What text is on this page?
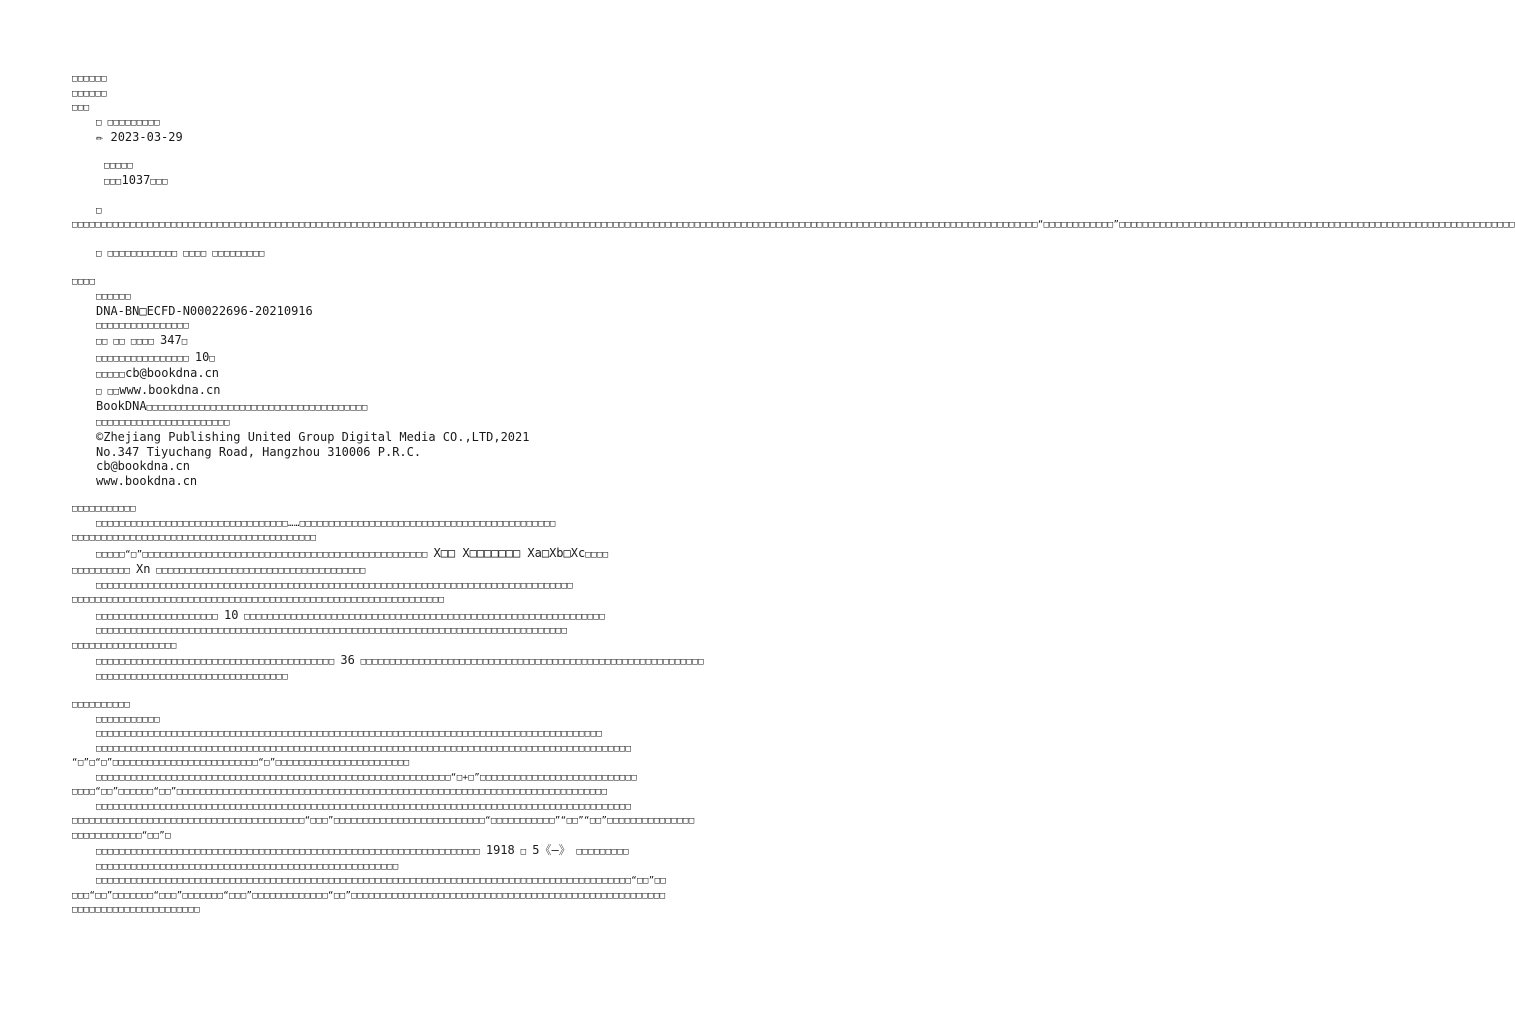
□□□□□□
□□□□□□
□□□
□ □□□□□□□□□
✏ 2023-03-29
□□□□□
□□□1037□□□
□ □□□□□□□□□□□□□□□□□□□□□□□□□□□□□□□□□□□□□□□□□□□□□□□□□□□□□□□□□□□□□□□□□□□□□□□□□□□□□□□□□□□□□□□□□□□□□□□□□□□□□□□□□□□□□□□□□□□□□□□□□□□□□□□□□□□□□□□□□□□□□□□□□□□□□□□□□□□□□□□□□□□□□□“□□□□□□□□□□□□”□□□□□□□□□□□□□□□□□□□□□□□□□□□□□□□□□□□□□□□□□□□□□□□□□□□□□□□□□□□□□□□□□□□□
□ □□□□□□□□□□□□ □□□□ □□□□□□□□□
□□□□
□□□□□□
DNA-BN□ECFD-N00022696-20210916
□□□□□□□□□□□□□□□□
□□ □□ □□□□ 347□
□□□□□□□□□□□□□□□□ 10□
□□□□□cb@bookdna.cn
□ □□www.bookdna.cn
BookDNA□□□□□□□□□□□□□□□□□□□□□□□□□□□□□□□□□□□□□□
□□□□□□□□□□□□□□□□□□□□□□□
©Zhejiang Publishing United Group Digital Media CO.,LTD,2021
No.347 Tiyuchang Road, Hangzhou 310006 P.R.C.
cb@bookdna.cn
www.bookdna.cn
□□□□□□□□□□□
□□□□□□□□□□□□□□□□□□□□□□□□□□□□□□□□□……□□□□□□□□□□□□□□□□□□□□□□□□□□□□□□□□□□□□□□□□□□□□
□□□□□□□□□□□□□□□□□□□□□□□□□□□□□□□□□□□□□□□□□□
□□□□□“□”□□□□□□□□□□□□□□□□□□□□□□□□□□□□□□□□□□□□□□□□□□□□□□□□□ X□□ X□□□□□□□ Xa□Xb□Xc□□□□
□□□□□□□□□□ Xn □□□□□□□□□□□□□□□□□□□□□□□□□□□□□□□□□□□□
□□□□□□□□□□□□□□□□□□□□□□□□□□□□□□□□□□□□□□□□□□□□□□□□□□□□□□□□□□□□□□□□□□□□□□□□□□□□□□□□□□
□□□□□□□□□□□□□□□□□□□□□□□□□□□□□□□□□□□□□□□□□□□□□□□□□□□□□□□□□□□□□□□□
□□□□□□□□□□□□□□□□□□□□□ 10 □□□□□□□□□□□□□□□□□□□□□□□□□□□□□□□□□□□□□□□□□□□□□□□□□□□□□□□□□□□□□□
□□□□□□□□□□□□□□□□□□□□□□□□□□□□□□□□□□□□□□□□□□□□□□□□□□□□□□□□□□□□□□□□□□□□□□□□□□□□□□□□□
□□□□□□□□□□□□□□□□□□
□□□□□□□□□□□□□□□□□□□□□□□□□□□□□□□□□□□□□□□□□ 36 □□□□□□□□□□□□□□□□□□□□□□□□□□□□□□□□□□□□□□□□□□□□□□□□□□□□□□□□□□□
□□□□□□□□□□□□□□□□□□□□□□□□□□□□□□□□□
□□□□□□□□□□
□□□□□□□□□□□
□□□□□□□□□□□□□□□□□□□□□□□□□□□□□□□□□□□□□□□□□□□□□□□□□□□□□□□□□□□□□□□□□□□□□□□□□□□□□□□□□□□□□□□
□□□□□□□□□□□□□□□□□□□□□□□□□□□□□□□□□□□□□□□□□□□□□□□□□□□□□□□□□□□□□□□□□□□□□□□□□□□□□□□□□□□□□□□□□□□□
“□”□“□”□□□□□□□□□□□□□□□□□□□□□□□□□“□”□□□□□□□□□□□□□□□□□□□□□□□
□□□□□□□□□□□□□□□□□□□□□□□□□□□□□□□□□□□□□□□□□□□□□□□□□□□□□□□□□□□□□“□+□”□□□□□□□□□□□□□□□□□□□□□□□□□□□
□□□□“□□”□□□□□□“□□”□□□□□□□□□□□□□□□□□□□□□□□□□□□□□□□□□□□□□□□□□□□□□□□□□□□□□□□□□□□□□□□□□□□□□□□□□□
□□□□□□□□□□□□□□□□□□□□□□□□□□□□□□□□□□□□□□□□□□□□□□□□□□□□□□□□□□□□□□□□□□□□□□□□□□□□□□□□□□□□□□□□□□□□
□□□□□□□□□□□□□□□□□□□□□□□□□□□□□□□□□□□□□□□□“□□□”□□□□□□□□□□□□□□□□□□□□□□□□□□“□□□□□□□□□□□”“□□”“□□”□□□□□□□□□□□□□□□
□□□□□□□□□□□□“□□”□
□□□□□□□□□□□□□□□□□□□□□□□□□□□□□□□□□□□□□□□□□□□□□□□□□□□□□□□□□□□□□□□□□□ 1918 □ 5《—》 □□□□□□□□□
□□□□□□□□□□□□□□□□□□□□□□□□□□□□□□□□□□□□□□□□□□□□□□□□□□□□
□□□□□□□□□□□□□□□□□□□□□□□□□□□□□□□□□□□□□□□□□□□□□□□□□□□□□□□□□□□□□□□□□□□□□□□□□□□□□□□□□□□□□□□□□□□□“□□”□□
□□□“□□”□□□□□□□“□□□”□□□□□□□“□□□”□□□□□□□□□□□□□“□□”□□□□□□□□□□□□□□□□□□□□□□□□□□□□□□□□□□□□□□□□□□□□□□□□□□□□□□
□□□□□□□□□□□□□□□□□□□□□□
